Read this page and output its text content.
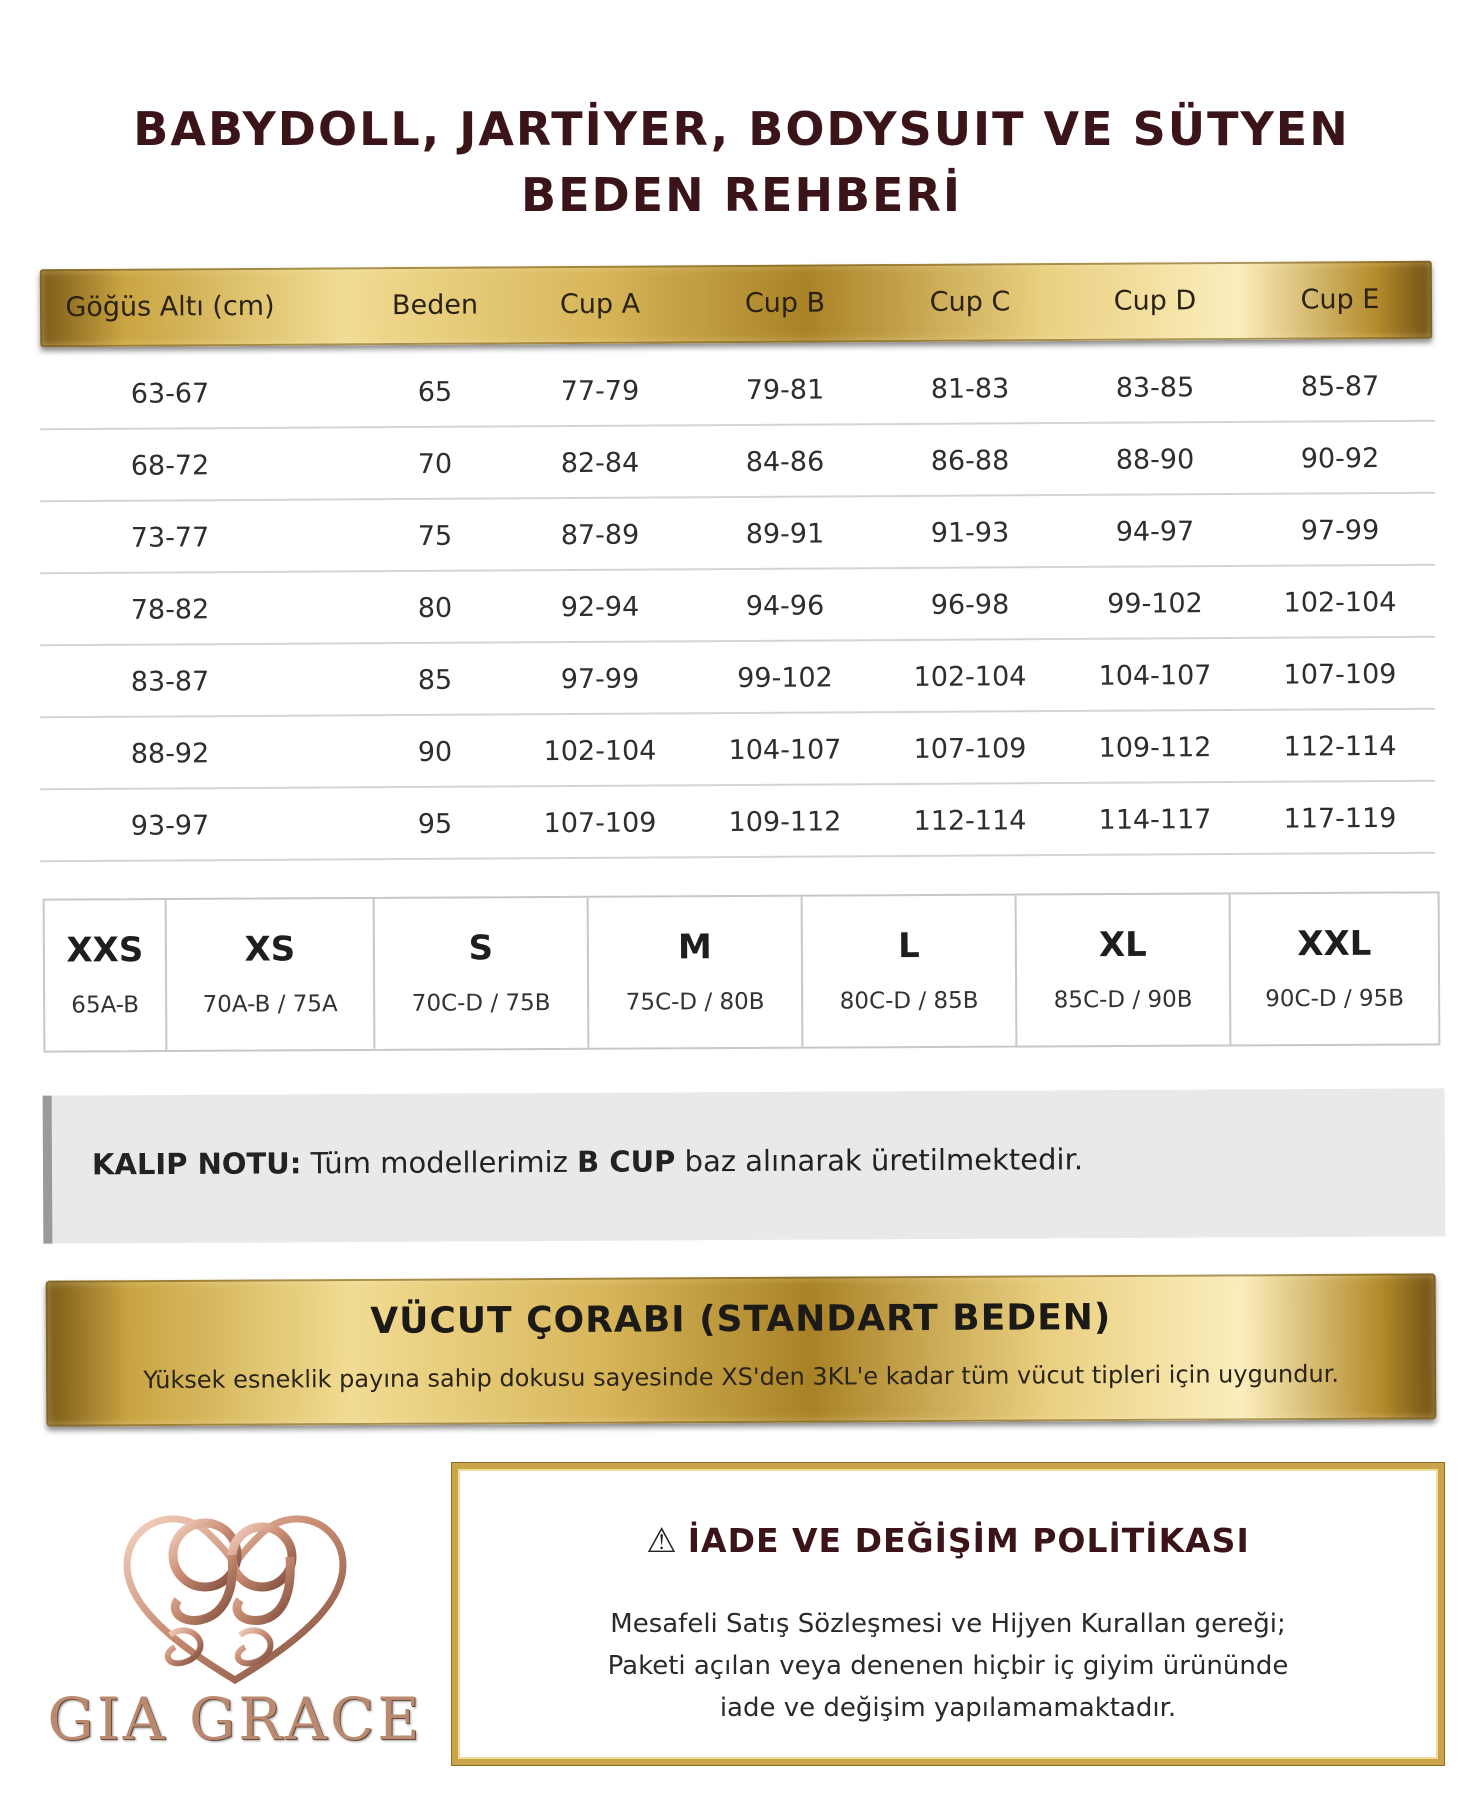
BABYDOLL, JARTİYER, BODYSUIT VE SÜTYEN
BEDEN REHBERİ
Göğüs Altı (cm)	Beden	Cup A	Cup B	Cup C	Cup D	Cup E
63-67	65	77-79	79-81	81-83	83-85	85-87
68-72	70	82-84	84-86	86-88	88-90	90-92
73-77	75	87-89	89-91	91-93	94-97	97-99
78-82	80	92-94	94-96	96-98	99-102	102-104
83-87	85	97-99	99-102	102-104	104-107	107-109
88-92	90	102-104	104-107	107-109	109-112	112-114
93-97	95	107-109	109-112	112-114	114-117	117-119
XXS
65A-B
XS
70A-B / 75A
S
70C-D / 75B
M
75C-D / 80B
L
80C-D / 85B
XL
85C-D / 90B
XXL
90C-D / 95B
KALIP NOTU: Tüm modellerimiz B CUP baz alınarak üretilmektedir.
VÜCUT ÇORABI (STANDART BEDEN)
Yüksek esneklik payına sahip dokusu sayesinde XS'den 3KL'e kadar tüm vücut tipleri için uygundur.
GIA GRACE
⚠ İADE VE DEĞİŞİM POLİTİKASI
Mesafeli Satış Sözleşmesi ve Hijyen Kurallan gereği;
Paketi açılan veya denenen hiçbir iç giyim ürününde
iade ve değişim yapılamamaktadır.
